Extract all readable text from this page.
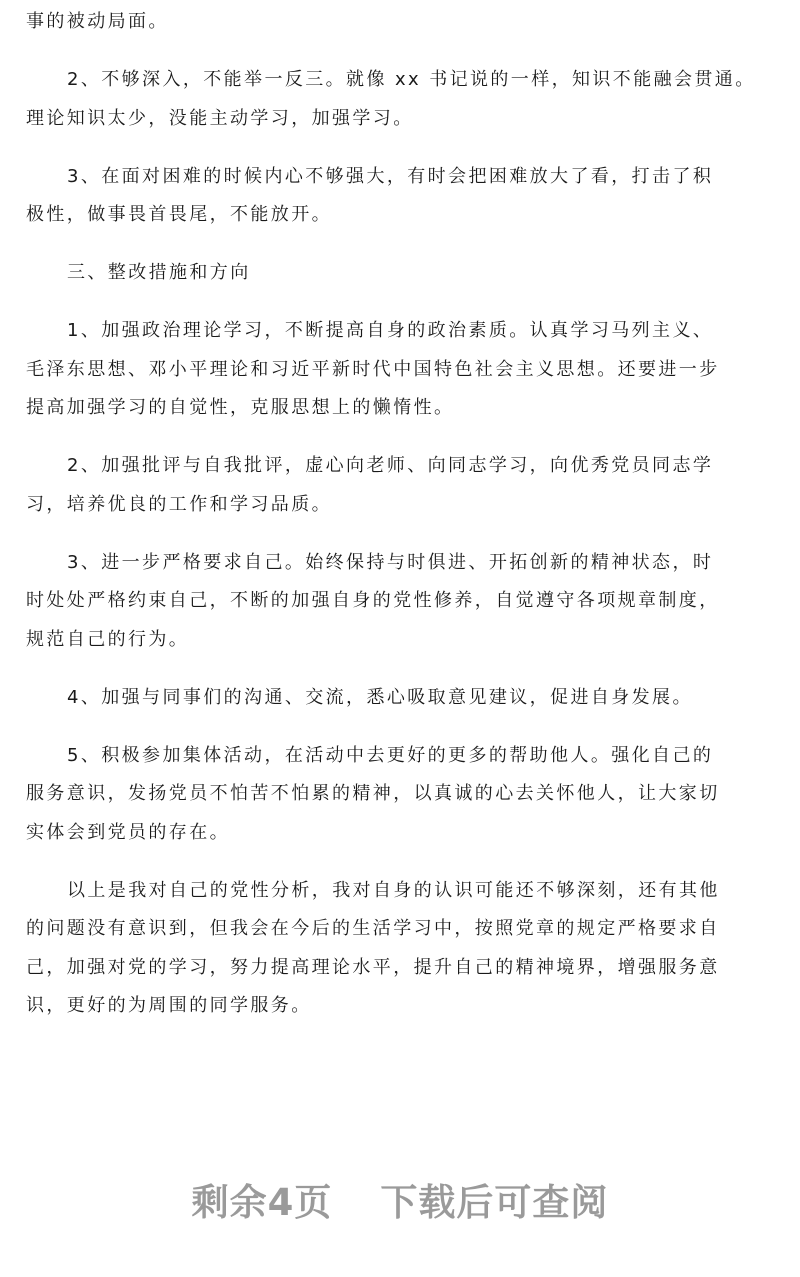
事的被动局面。
2、不够深入，不能举一反三。就像 xx 书记说的一样，知识不能融会贯通。
理论知识太少，没能主动学习，加强学习。
3、在面对困难的时候内心不够强大，有时会把困难放大了看，打击了积
极性，做事畏首畏尾，不能放开。
三、整改措施和方向
1、加强政治理论学习，不断提高自身的政治素质。认真学习马列主义、
毛泽东思想、邓小平理论和习近平新时代中国特色社会主义思想。还要进一步
提高加强学习的自觉性，克服思想上的懒惰性。
2、加强批评与自我批评，虚心向老师、向同志学习，向优秀党员同志学
习，培养优良的工作和学习品质。
3、进一步严格要求自己。始终保持与时俱进、开拓创新的精神状态，时
时处处严格约束自己，不断的加强自身的党性修养，自觉遵守各项规章制度，
规范自己的行为。
4、加强与同事们的沟通、交流，悉心吸取意见建议，促进自身发展。
5、积极参加集体活动，在活动中去更好的更多的帮助他人。强化自己的
服务意识，发扬党员不怕苦不怕累的精神，以真诚的心去关怀他人，让大家切
实体会到党员的存在。
以上是我对自己的党性分析，我对自身的认识可能还不够深刻，还有其他
的问题没有意识到，但我会在今后的生活学习中，按照党章的规定严格要求自
己，加强对党的学习，努力提高理论水平，提升自己的精神境界，增强服务意
识，更好的为周围的同学服务。
剩余4页 下载后可查阅
